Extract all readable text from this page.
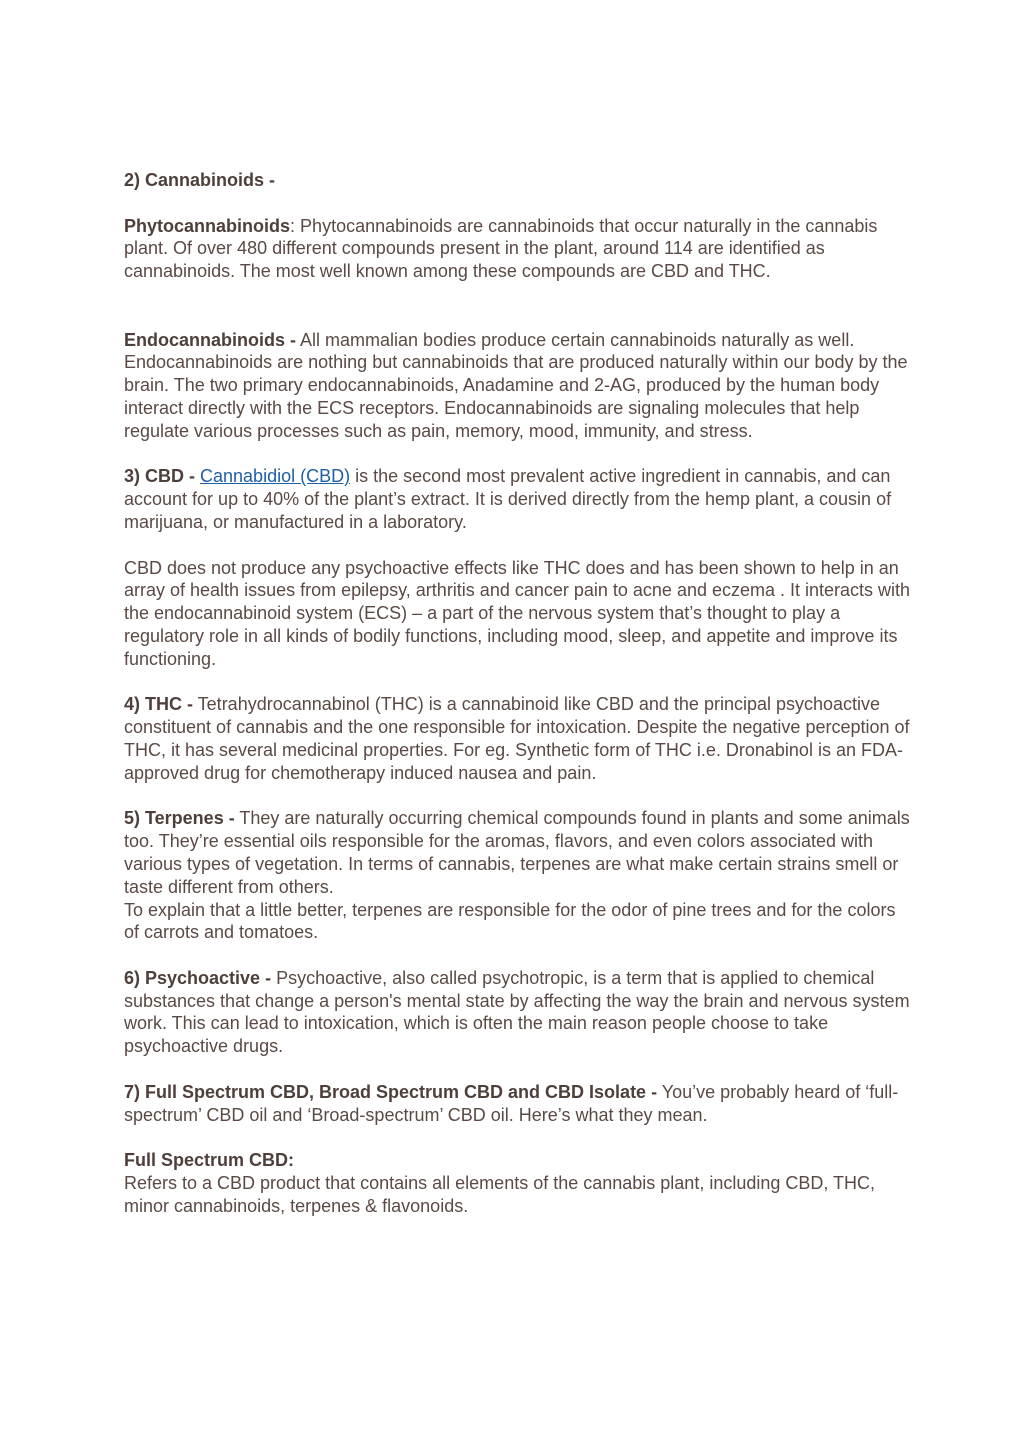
2) Cannabinoids -

Phytocannabinoids: Phytocannabinoids are cannabinoids that occur naturally in the cannabis plant. Of over 480 different compounds present in the plant, around 114 are identified as cannabinoids. The most well known among these compounds are CBD and THC.

Endocannabinoids - All mammalian bodies produce certain cannabinoids naturally as well. Endocannabinoids are nothing but cannabinoids that are produced naturally within our body by the brain. The two primary endocannabinoids, Anadamine and 2-AG, produced by the human body interact directly with the ECS receptors. Endocannabinoids are signaling molecules that help regulate various processes such as pain, memory, mood, immunity, and stress.

3) CBD - Cannabidiol (CBD) is the second most prevalent active ingredient in cannabis, and can account for up to 40% of the plant’s extract. It is derived directly from the hemp plant, a cousin of marijuana, or manufactured in a laboratory.

CBD does not produce any psychoactive effects like THC does and has been shown to help in an array of health issues from epilepsy, arthritis and cancer pain to acne and eczema . It interacts with the endocannabinoid system (ECS) – a part of the nervous system that’s thought to play a regulatory role in all kinds of bodily functions, including mood, sleep, and appetite and improve its functioning.

4) THC - Tetrahydrocannabinol (THC) is a cannabinoid like CBD and the principal psychoactive constituent of cannabis and the one responsible for intoxication. Despite the negative perception of THC, it has several medicinal properties. For eg. Synthetic form of THC i.e. Dronabinol is an FDA-approved drug for chemotherapy induced nausea and pain.

5) Terpenes - They are naturally occurring chemical compounds found in plants and some animals too. They’re essential oils responsible for the aromas, flavors, and even colors associated with various types of vegetation. In terms of cannabis, terpenes are what make certain strains smell or taste different from others.

To explain that a little better, terpenes are responsible for the odor of pine trees and for the colors of carrots and tomatoes.

6) Psychoactive - Psychoactive, also called psychotropic, is a term that is applied to chemical substances that change a person's mental state by affecting the way the brain and nervous system work. This can lead to intoxication, which is often the main reason people choose to take psychoactive drugs.

7) Full Spectrum CBD, Broad Spectrum CBD and CBD Isolate - You’ve probably heard of ‘full-spectrum’ CBD oil and ‘Broad-spectrum’ CBD oil. Here’s what they mean.

Full Spectrum CBD:

Refers to a CBD product that contains all elements of the cannabis plant, including CBD, THC, minor cannabinoids, terpenes & flavonoids.
